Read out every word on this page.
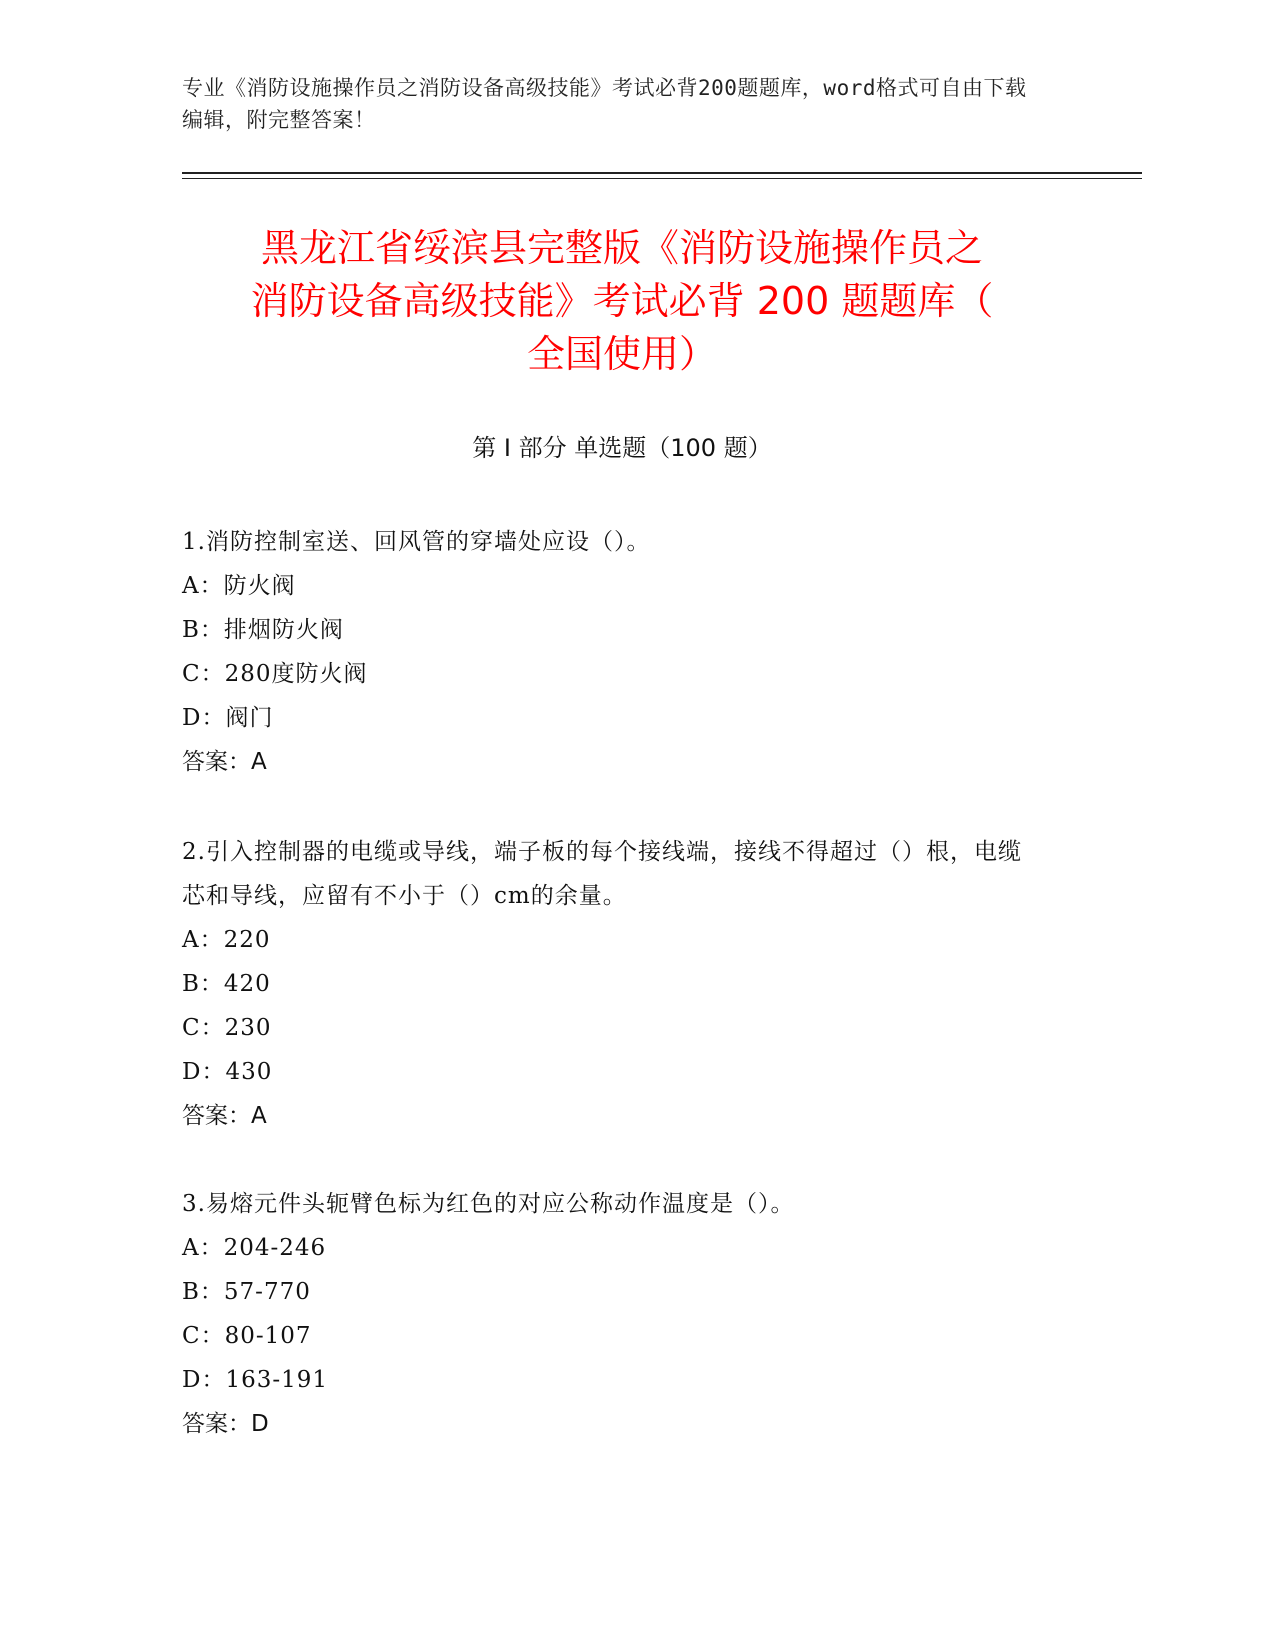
专业《消防设施操作员之消防设备高级技能》考试必背200题题库，word格式可自由下载编辑，附完整答案！
黑龙江省绥滨县完整版《消防设施操作员之
消防设备高级技能》考试必背 200 题题库（
全国使用）
第 I 部分 单选题（100 题）
1.消防控制室送、回风管的穿墙处应设（）。
A：防火阀
B：排烟防火阀
C：280度防火阀
D：阀门
答案：A
2.引入控制器的电缆或导线，端子板的每个接线端，接线不得超过（）根，电缆芯和导线，应留有不小于（）cm的余量。
A：220
B：420
C：230
D：430
答案：A
3.易熔元件头轭臂色标为红色的对应公称动作温度是（）。
A：204-246
B：57-770
C：80-107
D：163-191
答案：D
